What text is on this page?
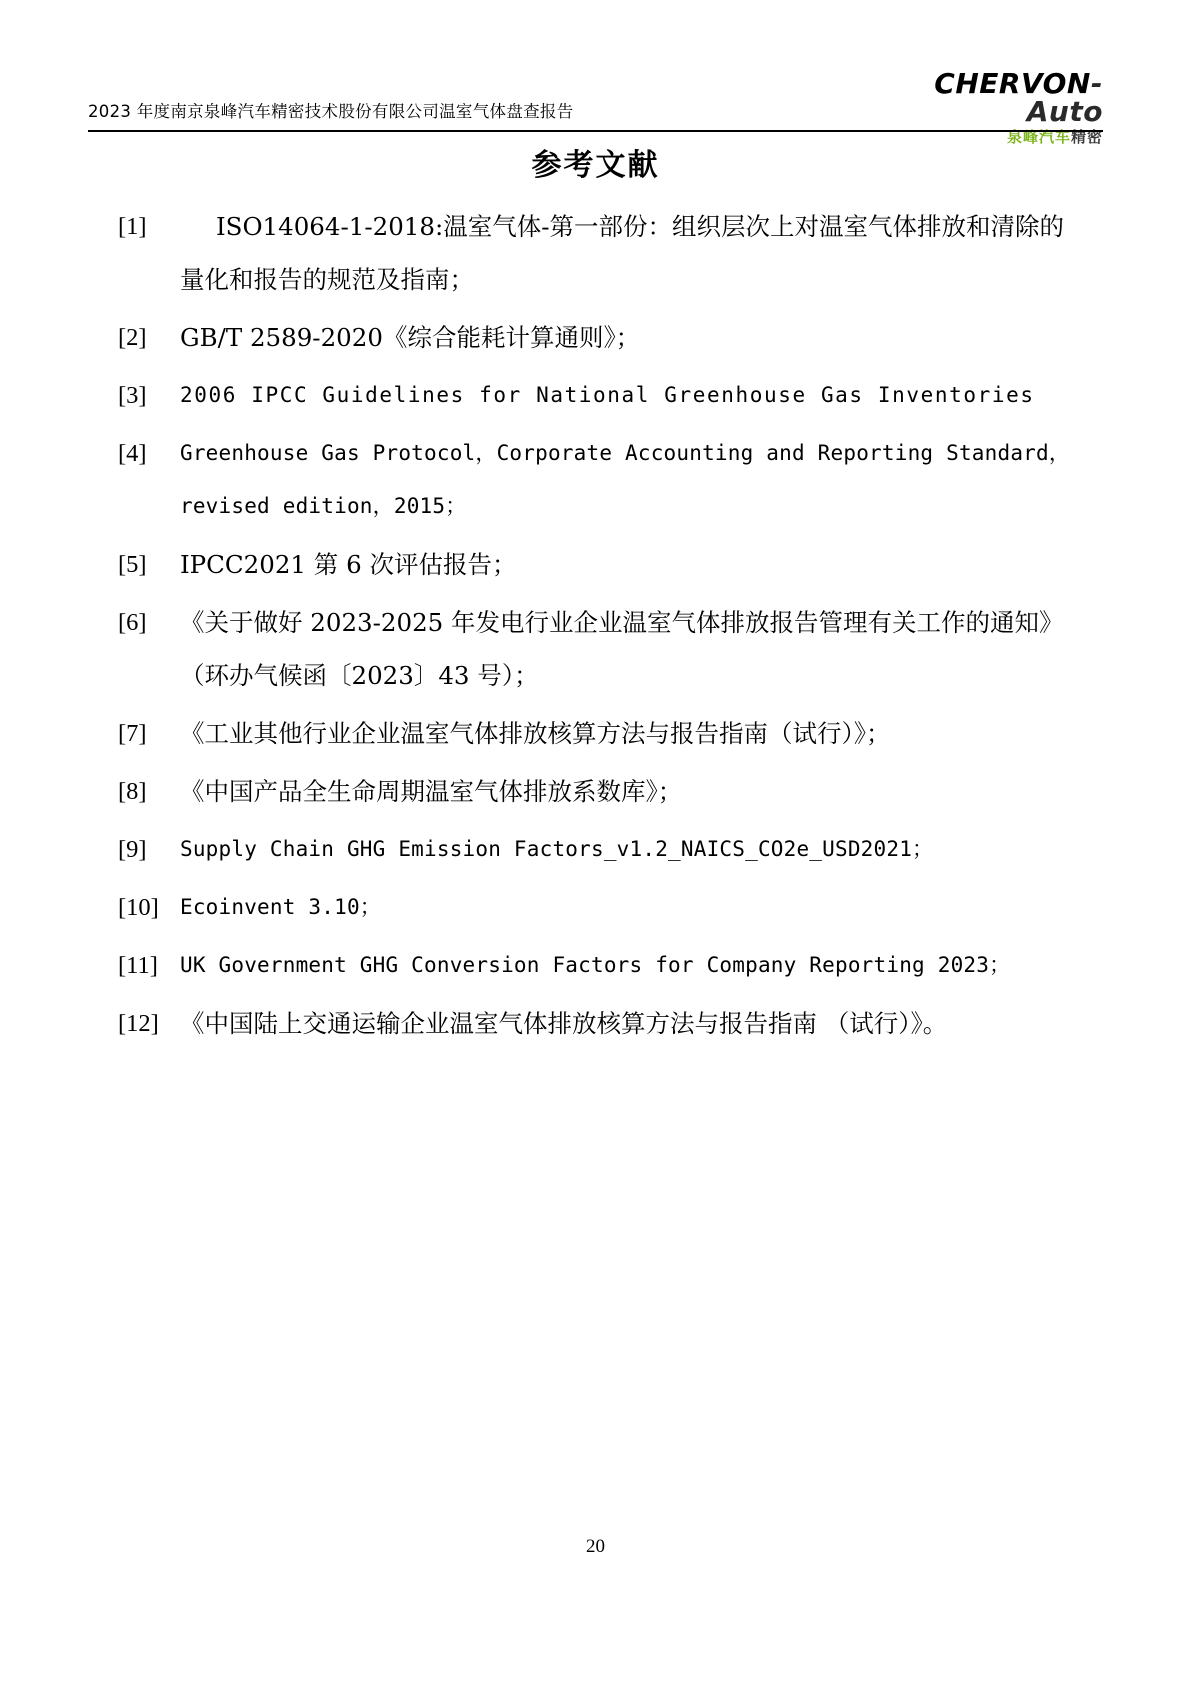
2023 年度南京泉峰汽车精密技术股份有限公司温室气体盘查报告
CHERVON-Auto
泉峰汽车精密
参考文献
[1]	ISO14064-1-2018:温室气体-第一部份：组织层次上对温室气体排放和清除的量化和报告的规范及指南；
[2]	GB/T 2589-2020《综合能耗计算通则》；
[3]	2006 IPCC Guidelines for National Greenhouse Gas Inventories
[4]	Greenhouse Gas Protocol，Corporate Accounting and Reporting Standard，revised edition，2015；
[5]	IPCC2021 第 6 次评估报告；
[6]	《关于做好 2023-2025 年发电行业企业温室气体排放报告管理有关工作的通知》（环办气候函〔2023〕43 号）；
[7]	《工业其他行业企业温室气体排放核算方法与报告指南（试行）》；
[8]	《中国产品全生命周期温室气体排放系数库》；
[9]	Supply Chain GHG Emission Factors_v1.2_NAICS_CO2e_USD2021；
[10]	Ecoinvent 3.10；
[11]	UK Government GHG Conversion Factors for Company Reporting 2023；
[12] 《中国陆上交通运输企业温室气体排放核算方法与报告指南 （试行）》。
20
